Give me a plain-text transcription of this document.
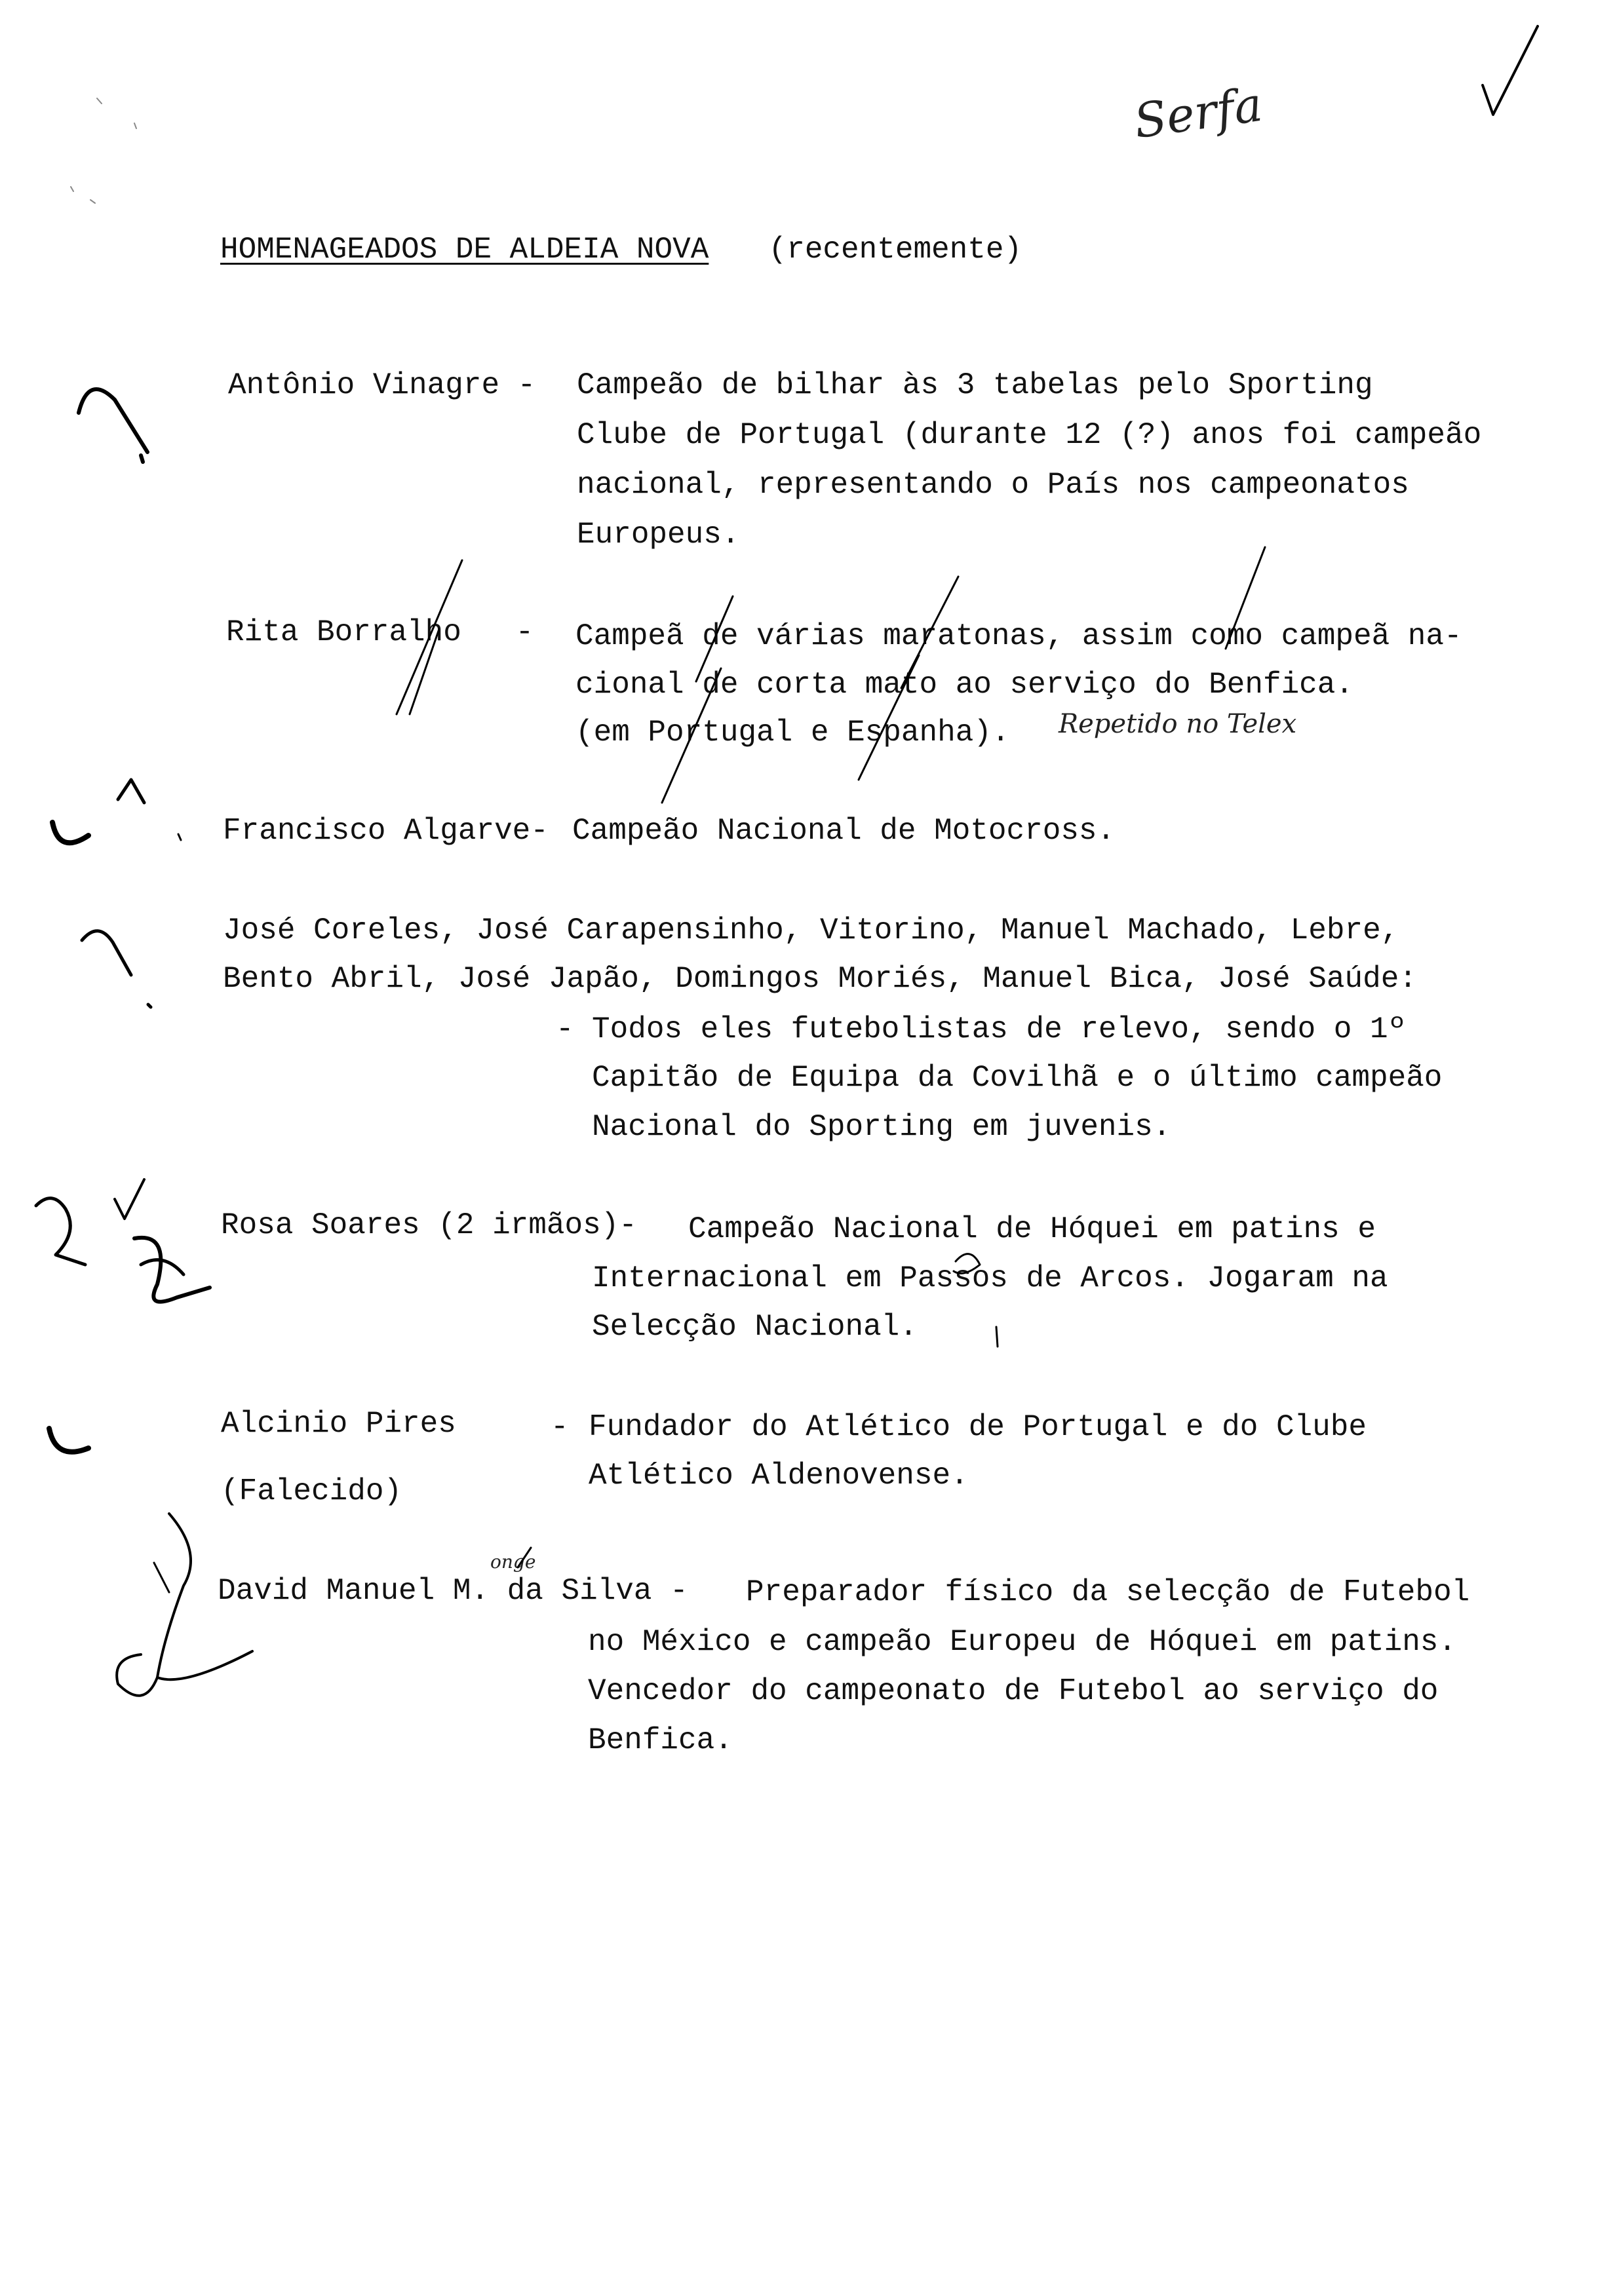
HOMENAGEADOS DE ALDEIA NOVA (recentemente)
Antônio Vinagre - Campeão de bilhar às 3 tabelas pelo Sporting
Clube de Portugal (durante 12 (?) anos foi campeão
nacional, representando o País nos campeonatos
Europeus.
Rita Borralho   - Campeã de várias maratonas, assim como campeã na-
cional de corta mato ao serviço do Benfica.
(em Portugal e Espanha). Repetido no Telex
Francisco Algarve- Campeão Nacional de Motocross.
José Coreles, José Carapensinho, Vitorino, Manuel Machado, Lebre,
Bento Abril, José Japão, Domingos Moriés, Manuel Bica, José Saúde:
- Todos eles futebolistas de relevo, sendo o 1º
Capitão de Equipa da Covilhã e o último campeão
Nacional do Sporting em juvenis.
Rosa Soares (2 irmãos)- Campeão Nacional de Hóquei em patins e
Internacional em Passos de Arcos. Jogaram na
Selecção Nacional.
Alcinio Pires
(Falecido)
- Fundador do Atlético de Portugal e do Clube
Atlético Aldenovense.
David Manuel M. da Silva -
onge
Preparador físico da selecção de Futebol
no México e campeão Europeu de Hóquei em patins.
Vencedor do campeonato de Futebol ao serviço do
Benfica.
Serfa
